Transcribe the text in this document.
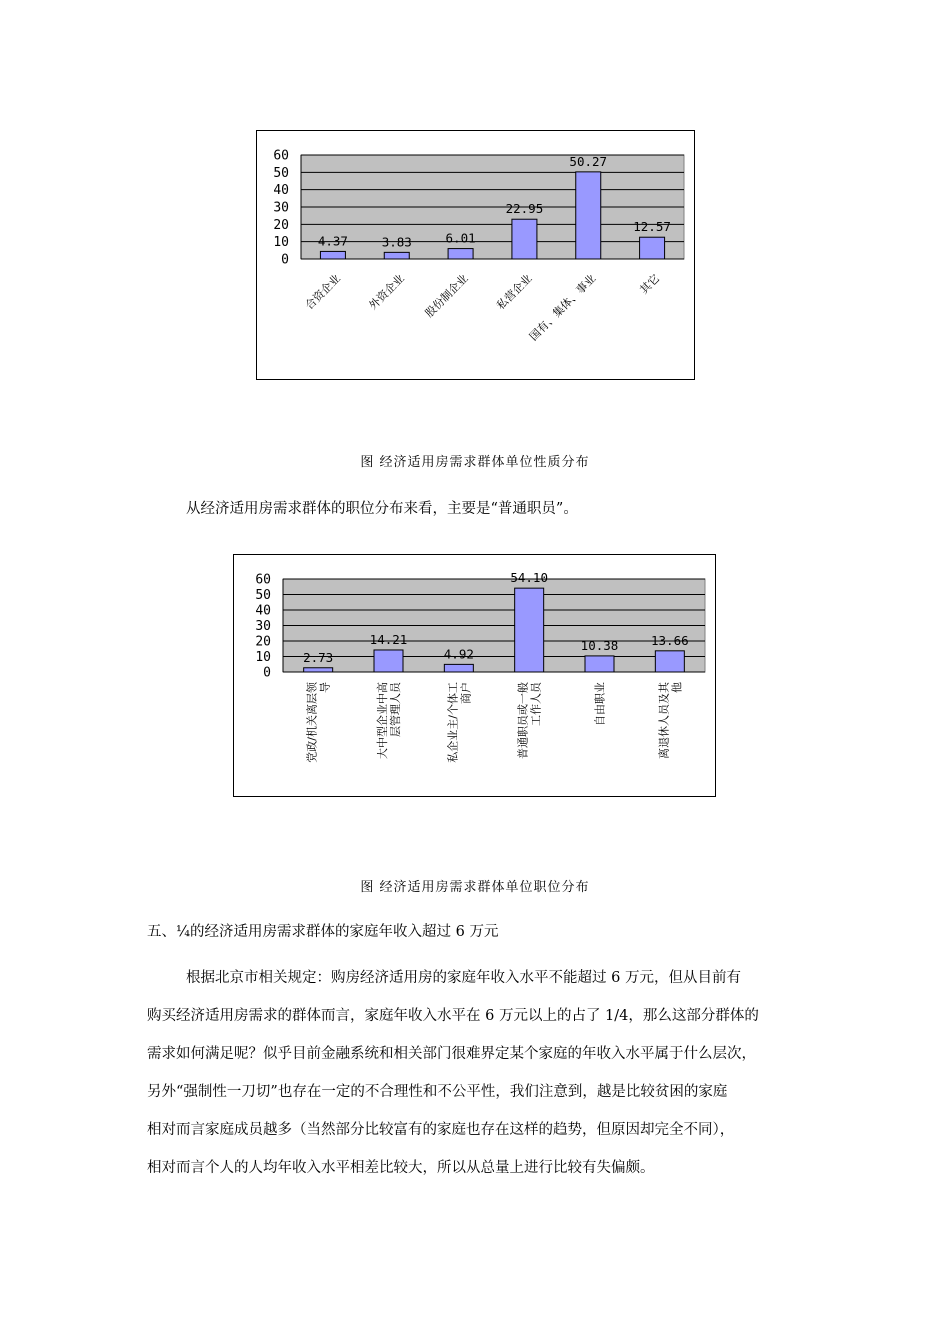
0
10
20
30
40
50
60
4.37	3.83	6.01
22.95
50.27
12.57
合资企业 外资企业 股份制企业 私营企业
国有、集体、事业	其它
图 经济适用房需求群体单位性质分布
从经济适用房需求群体的职位分布来看，主要是“普通职员”。
0
10
20
30
40
50
60
2.73
14.21
4.92
54.10
10.38	13.66
党政/机关离层领 导	大中型企业中高 层管理人员	私企业主/个体工 商户	普通职员或一般 工作人员	自由职业	离退休人员及其 他
图 经济适用房需求群体单位职位分布
五、¼的经济适用房需求群体的家庭年收入超过 6 万元
根据北京市相关规定：购房经济适用房的家庭年收入水平不能超过 6 万元，但从目前有
购买经济适用房需求的群体而言，家庭年收入水平在 6 万元以上的占了 1/4，那么这部分群体的
需求如何满足呢？似乎目前金融系统和相关部门很难界定某个家庭的年收入水平属于什么层次，
另外“强制性一刀切”也存在一定的不合理性和不公平性，我们注意到，越是比较贫困的家庭
相对而言家庭成员越多（当然部分比较富有的家庭也存在这样的趋势，但原因却完全不同），
相对而言个人的人均年收入水平相差比较大，所以从总量上进行比较有失偏颇。
